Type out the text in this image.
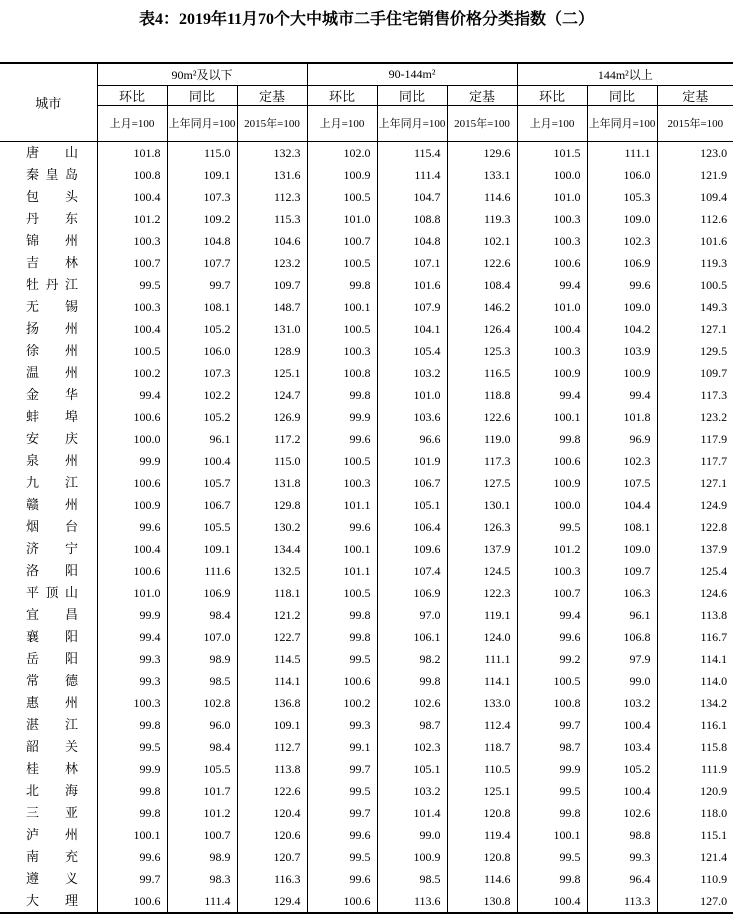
表4：2019年11月70个大中城市二手住宅销售价格分类指数（二）
城市	90m²及以下			90-144m²			144m²以上		
	环比	同比	定基	环比	同比	定基	环比	同比	定基
	上月=100	上年同月=100	2015年=100	上月=100	上年同月=100	2015年=100	上月=100	上年同月=100	2015年=100
唐 山	101.8	115.0	132.3	102.0	115.4	129.6	101.5	111.1	123.0
秦皇岛	100.8	109.1	131.6	100.9	111.4	133.1	100.0	106.0	121.9
包 头	100.4	107.3	112.3	100.5	104.7	114.6	101.0	105.3	109.4
丹 东	101.2	109.2	115.3	101.0	108.8	119.3	100.3	109.0	112.6
锦 州	100.3	104.8	104.6	100.7	104.8	102.1	100.3	102.3	101.6
吉 林	100.7	107.7	123.2	100.5	107.1	122.6	100.6	106.9	119.3
牡丹江	99.5	99.7	109.7	99.8	101.6	108.4	99.4	99.6	100.5
无 锡	100.3	108.1	148.7	100.1	107.9	146.2	101.0	109.0	149.3
扬 州	100.4	105.2	131.0	100.5	104.1	126.4	100.4	104.2	127.1
徐 州	100.5	106.0	128.9	100.3	105.4	125.3	100.3	103.9	129.5
温 州	100.2	107.3	125.1	100.8	103.2	116.5	100.9	100.9	109.7
金 华	99.4	102.2	124.7	99.8	101.0	118.8	99.4	99.4	117.3
蚌 埠	100.6	105.2	126.9	99.9	103.6	122.6	100.1	101.8	123.2
安 庆	100.0	96.1	117.2	99.6	96.6	119.0	99.8	96.9	117.9
泉 州	99.9	100.4	115.0	100.5	101.9	117.3	100.6	102.3	117.7
九 江	100.6	105.7	131.8	100.3	106.7	127.5	100.9	107.5	127.1
赣 州	100.9	106.7	129.8	101.1	105.1	130.1	100.0	104.4	124.9
烟 台	99.6	105.5	130.2	99.6	106.4	126.3	99.5	108.1	122.8
济 宁	100.4	109.1	134.4	100.1	109.6	137.9	101.2	109.0	137.9
洛 阳	100.6	111.6	132.5	101.1	107.4	124.5	100.3	109.7	125.4
平顶山	101.0	106.9	118.1	100.5	106.9	122.3	100.7	106.3	124.6
宜 昌	99.9	98.4	121.2	99.8	97.0	119.1	99.4	96.1	113.8
襄 阳	99.4	107.0	122.7	99.8	106.1	124.0	99.6	106.8	116.7
岳 阳	99.3	98.9	114.5	99.5	98.2	111.1	99.2	97.9	114.1
常 德	99.3	98.5	114.1	100.6	99.8	114.1	100.5	99.0	114.0
惠 州	100.3	102.8	136.8	100.2	102.6	133.0	100.8	103.2	134.2
湛 江	99.8	96.0	109.1	99.3	98.7	112.4	99.7	100.4	116.1
韶 关	99.5	98.4	112.7	99.1	102.3	118.7	98.7	103.4	115.8
桂 林	99.9	105.5	113.8	99.7	105.1	110.5	99.9	105.2	111.9
北 海	99.8	101.7	122.6	99.5	103.2	125.1	99.5	100.4	120.9
三 亚	99.8	101.2	120.4	99.7	101.4	120.8	99.8	102.6	118.0
泸 州	100.1	100.7	120.6	99.6	99.0	119.4	100.1	98.8	115.1
南 充	99.6	98.9	120.7	99.5	100.9	120.8	99.5	99.3	121.4
遵 义	99.7	98.3	116.3	99.6	98.5	114.6	99.8	96.4	110.9
大 理	100.6	111.4	129.4	100.6	113.6	130.8	100.4	113.3	127.0
